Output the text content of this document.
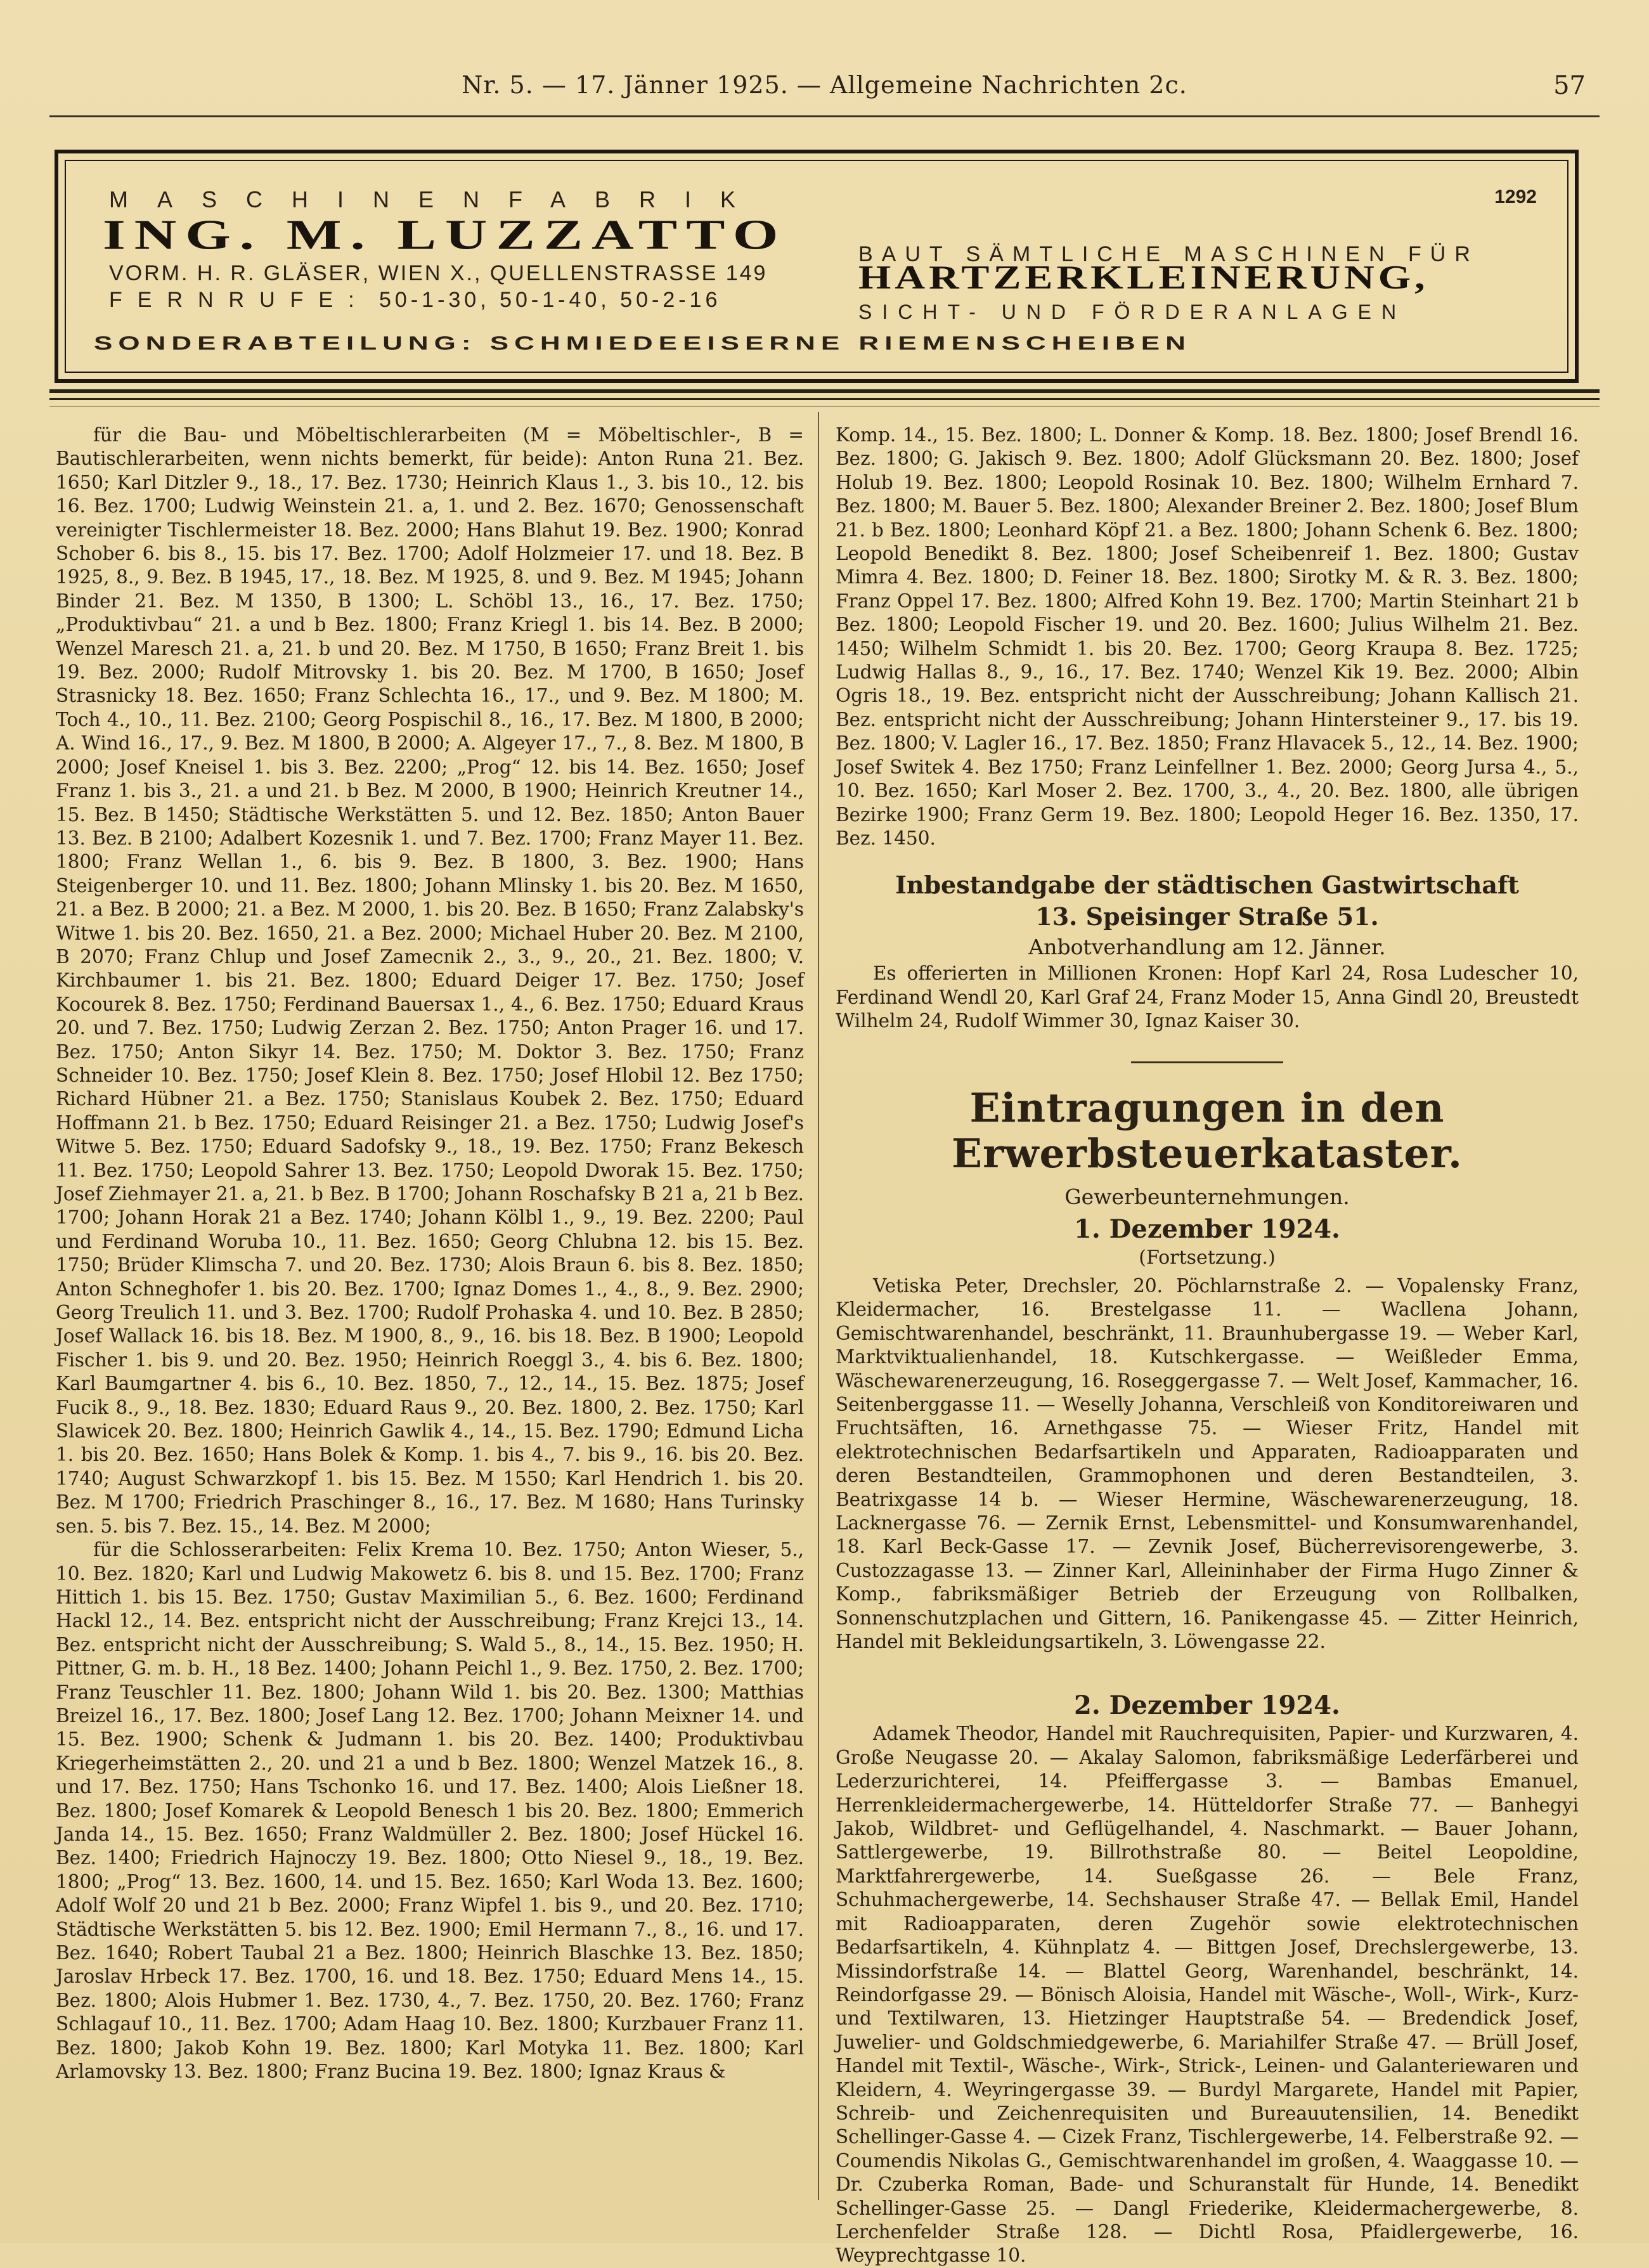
Nr. 5. — 17. Jänner 1925. — Allgemeine Nachrichten 2c.	57
MASCHINENFABRIK	1292
ING. M. LUZZATTO
VORM. H. R. GLÄSER, WIEN X., QUELLENSTRASSE 149
FERNRUFE: 50-1-30, 50-1-40, 50-2-16
BAUT SÄMTLICHE MASCHINEN FÜR
HARTZERKLEINERUNG,
SICHT- UND FÖRDERANLAGEN
SONDERABTEILUNG: SCHMIEDEEISERNE RIEMENSCHEIBEN

für die Bau- und Möbeltischlerarbeiten (M = Möbeltischler-, B = Bautischlerarbeiten, wenn nichts bemerkt, für beide): Anton Runa 21. Bez. 1650; Karl Ditzler 9., 18., 17. Bez. 1730; Heinrich Klaus 1., 3. bis 10., 12. bis 16. Bez. 1700; Ludwig Weinstein 21. a, 1. und 2. Bez. 1670; Genossenschaft vereinigter Tischlermeister 18. Bez. 2000; Hans Blahut 19. Bez. 1900; Konrad Schober 6. bis 8., 15. bis 17. Bez. 1700; Adolf Holzmeier 17. und 18. Bez. B 1925, 8., 9. Bez. B 1945, 17., 18. Bez. M 1925, 8. und 9. Bez. M 1945; Johann Binder 21. Bez. M 1350, B 1300; L. Schöbl 13., 16., 17. Bez. 1750; „Produktivbau“ 21. a und b Bez. 1800; Franz Kriegl 1. bis 14. Bez. B 2000; Wenzel Maresch 21. a, 21. b und 20. Bez. M 1750, B 1650; Franz Breit 1. bis 19. Bez. 2000; Rudolf Mitrovsky 1. bis 20. Bez. M 1700, B 1650; Josef Strasnicky 18. Bez. 1650; Franz Schlechta 16., 17., und 9. Bez. M 1800; M. Toch 4., 10., 11. Bez. 2100; Georg Pospischil 8., 16., 17. Bez. M 1800, B 2000; A. Wind 16., 17., 9. Bez. M 1800, B 2000; A. Algeyer 17., 7., 8. Bez. M 1800, B 2000; Josef Kneisel 1. bis 3. Bez. 2200; „Prog“ 12. bis 14. Bez. 1650; Josef Franz 1. bis 3., 21. a und 21. b Bez. M 2000, B 1900; Heinrich Kreutner 14., 15. Bez. B 1450; Städtische Werkstätten 5. und 12. Bez. 1850; Anton Bauer 13. Bez. B 2100; Adalbert Kozesnik 1. und 7. Bez. 1700; Franz Mayer 11. Bez. 1800; Franz Wellan 1., 6. bis 9. Bez. B 1800, 3. Bez. 1900; Hans Steigenberger 10. und 11. Bez. 1800; Johann Mlinsky 1. bis 20. Bez. M 1650, 21. a Bez. B 2000; 21. a Bez. M 2000, 1. bis 20. Bez. B 1650; Franz Zalabsky's Witwe 1. bis 20. Bez. 1650, 21. a Bez. 2000; Michael Huber 20. Bez. M 2100, B 2070; Franz Chlup und Josef Zamecnik 2., 3., 9., 20., 21. Bez. 1800; V. Kirchbaumer 1. bis 21. Bez. 1800; Eduard Deiger 17. Bez. 1750; Josef Kocourek 8. Bez. 1750; Ferdinand Bauersax 1., 4., 6. Bez. 1750; Eduard Kraus 20. und 7. Bez. 1750; Ludwig Zerzan 2. Bez. 1750; Anton Prager 16. und 17. Bez. 1750; Anton Sikyr 14. Bez. 1750; M. Doktor 3. Bez. 1750; Franz Schneider 10. Bez. 1750; Josef Klein 8. Bez. 1750; Josef Hlobil 12. Bez 1750; Richard Hübner 21. a Bez. 1750; Stanislaus Koubek 2. Bez. 1750; Eduard Hoffmann 21. b Bez. 1750; Eduard Reisinger 21. a Bez. 1750; Ludwig Josef's Witwe 5. Bez. 1750; Eduard Sadofsky 9., 18., 19. Bez. 1750; Franz Bekesch 11. Bez. 1750; Leopold Sahrer 13. Bez. 1750; Leopold Dworak 15. Bez. 1750; Josef Ziehmayer 21. a, 21. b Bez. B 1700; Johann Roschafsky B 21 a, 21 b Bez. 1700; Johann Horak 21 a Bez. 1740; Johann Kölbl 1., 9., 19. Bez. 2200; Paul und Ferdinand Woruba 10., 11. Bez. 1650; Georg Chlubna 12. bis 15. Bez. 1750; Brüder Klimscha 7. und 20. Bez. 1730; Alois Braun 6. bis 8. Bez. 1850; Anton Schneghofer 1. bis 20. Bez. 1700; Ignaz Domes 1., 4., 8., 9. Bez. 2900; Georg Treulich 11. und 3. Bez. 1700; Rudolf Prohaska 4. und 10. Bez. B 2850; Josef Wallack 16. bis 18. Bez. M 1900, 8., 9., 16. bis 18. Bez. B 1900; Leopold Fischer 1. bis 9. und 20. Bez. 1950; Heinrich Roeggl 3., 4. bis 6. Bez. 1800; Karl Baumgartner 4. bis 6., 10. Bez. 1850, 7., 12., 14., 15. Bez. 1875; Josef Fucik 8., 9., 18. Bez. 1830; Eduard Raus 9., 20. Bez. 1800, 2. Bez. 1750; Karl Slawicek 20. Bez. 1800; Heinrich Gawlik 4., 14., 15. Bez. 1790; Edmund Licha 1. bis 20. Bez. 1650; Hans Bolek & Komp. 1. bis 4., 7. bis 9., 16. bis 20. Bez. 1740; August Schwarzkopf 1. bis 15. Bez. M 1550; Karl Hendrich 1. bis 20. Bez. M 1700; Friedrich Praschinger 8., 16., 17. Bez. M 1680; Hans Turinsky sen. 5. bis 7. Bez. 15., 14. Bez. M 2000;

für die Schlosserarbeiten: Felix Krema 10. Bez. 1750; Anton Wieser, 5., 10. Bez. 1820; Karl und Ludwig Makowetz 6. bis 8. und 15. Bez. 1700; Franz Hittich 1. bis 15. Bez. 1750; Gustav Maximilian 5., 6. Bez. 1600; Ferdinand Hackl 12., 14. Bez. entspricht nicht der Ausschreibung; Franz Krejci 13., 14. Bez. entspricht nicht der Ausschreibung; S. Wald 5., 8., 14., 15. Bez. 1950; H. Pittner, G. m. b. H., 18 Bez. 1400; Johann Peichl 1., 9. Bez. 1750, 2. Bez. 1700; Franz Teuschler 11. Bez. 1800; Johann Wild 1. bis 20. Bez. 1300; Matthias Breizel 16., 17. Bez. 1800; Josef Lang 12. Bez. 1700; Johann Meixner 14. und 15. Bez. 1900; Schenk & Judmann 1. bis 20. Bez. 1400; Produktivbau Kriegerheimstätten 2., 20. und 21 a und b Bez. 1800; Wenzel Matzek 16., 8. und 17. Bez. 1750; Hans Tschonko 16. und 17. Bez. 1400; Alois Ließner 18. Bez. 1800; Josef Komarek & Leopold Benesch 1 bis 20. Bez. 1800; Emmerich Janda 14., 15. Bez. 1650; Franz Waldmüller 2. Bez. 1800; Josef Hückel 16. Bez. 1400; Friedrich Hajnoczy 19. Bez. 1800; Otto Niesel 9., 18., 19. Bez. 1800; „Prog“ 13. Bez. 1600, 14. und 15. Bez. 1650; Karl Woda 13. Bez. 1600; Adolf Wolf 20 und 21 b Bez. 2000; Franz Wipfel 1. bis 9., und 20. Bez. 1710; Städtische Werkstätten 5. bis 12. Bez. 1900; Emil Hermann 7., 8., 16. und 17. Bez. 1640; Robert Taubal 21 a Bez. 1800; Heinrich Blaschke 13. Bez. 1850; Jaroslav Hrbeck 17. Bez. 1700, 16. und 18. Bez. 1750; Eduard Mens 14., 15. Bez. 1800; Alois Hubmer 1. Bez. 1730, 4., 7. Bez. 1750, 20. Bez. 1760; Franz Schlagauf 10., 11. Bez. 1700; Adam Haag 10. Bez. 1800; Kurzbauer Franz 11. Bez. 1800; Jakob Kohn 19. Bez. 1800; Karl Motyka 11. Bez. 1800; Karl Arlamovsky 13. Bez. 1800; Franz Bucina 19. Bez. 1800; Ignaz Kraus &

Komp. 14., 15. Bez. 1800; L. Donner & Komp. 18. Bez. 1800; Josef Brendl 16. Bez. 1800; G. Jakisch 9. Bez. 1800; Adolf Glücksmann 20. Bez. 1800; Josef Holub 19. Bez. 1800; Leopold Rosinak 10. Bez. 1800; Wilhelm Ernhard 7. Bez. 1800; M. Bauer 5. Bez. 1800; Alexander Breiner 2. Bez. 1800; Josef Blum 21. b Bez. 1800; Leonhard Köpf 21. a Bez. 1800; Johann Schenk 6. Bez. 1800; Leopold Benedikt 8. Bez. 1800; Josef Scheibenreif 1. Bez. 1800; Gustav Mimra 4. Bez. 1800; D. Feiner 18. Bez. 1800; Sirotky M. & R. 3. Bez. 1800; Franz Oppel 17. Bez. 1800; Alfred Kohn 19. Bez. 1700; Martin Steinhart 21 b Bez. 1800; Leopold Fischer 19. und 20. Bez. 1600; Julius Wilhelm 21. Bez. 1450; Wilhelm Schmidt 1. bis 20. Bez. 1700; Georg Kraupa 8. Bez. 1725; Ludwig Hallas 8., 9., 16., 17. Bez. 1740; Wenzel Kik 19. Bez. 2000; Albin Ogris 18., 19. Bez. entspricht nicht der Ausschreibung; Johann Kallisch 21. Bez. entspricht nicht der Ausschreibung; Johann Hintersteiner 9., 17. bis 19. Bez. 1800; V. Lagler 16., 17. Bez. 1850; Franz Hlavacek 5., 12., 14. Bez. 1900; Josef Switek 4. Bez 1750; Franz Leinfellner 1. Bez. 2000; Georg Jursa 4., 5., 10. Bez. 1650; Karl Moser 2. Bez. 1700, 3., 4., 20. Bez. 1800, alle übrigen Bezirke 1900; Franz Germ 19. Bez. 1800; Leopold Heger 16. Bez. 1350, 17. Bez. 1450.

Inbestandgabe der städtischen Gastwirtschaft
13. Speisinger Straße 51.
Anbotverhandlung am 12. Jänner.

Es offerierten in Millionen Kronen: Hopf Karl 24, Rosa Ludescher 10, Ferdinand Wendl 20, Karl Graf 24, Franz Moder 15, Anna Gindl 20, Breustedt Wilhelm 24, Rudolf Wimmer 30, Ignaz Kaiser 30.

Eintragungen in den Erwerbsteuerkataster.
Gewerbeunternehmungen.
1. Dezember 1924.
(Fortsetzung.)

Vetiska Peter, Drechsler, 20. Pöchlarnstraße 2. — Vopalensky Franz, Kleidermacher, 16. Brestelgasse 11. — Wacllena Johann, Gemischtwarenhandel, beschränkt, 11. Braunhubergasse 19. — Weber Karl, Marktviktualienhandel, 18. Kutschkergasse. — Weißleder Emma, Wäschewarenerzeugung, 16. Roseggergasse 7. — Welt Josef, Kammacher, 16. Seitenberggasse 11. — Weselly Johanna, Verschleiß von Konditoreiwaren und Fruchtsäften, 16. Arnethgasse 75. — Wieser Fritz, Handel mit elektrotechnischen Bedarfsartikeln und Apparaten, Radioapparaten und deren Bestandteilen, Grammophonen und deren Bestandteilen, 3. Beatrixgasse 14 b. — Wieser Hermine, Wäschewarenerzeugung, 18. Lacknergasse 76. — Zernik Ernst, Lebensmittel- und Konsumwarenhandel, 18. Karl Beck-Gasse 17. — Zevnik Josef, Bücherrevisorengewerbe, 3. Custozzagasse 13. — Zinner Karl, Alleininhaber der Firma Hugo Zinner & Komp., fabriksmäßiger Betrieb der Erzeugung von Rollbalken, Sonnenschutzplachen und Gittern, 16. Panikengasse 45. — Zitter Heinrich, Handel mit Bekleidungsartikeln, 3. Löwengasse 22.

2. Dezember 1924.

Adamek Theodor, Handel mit Rauchrequisiten, Papier- und Kurzwaren, 4. Große Neugasse 20. — Akalay Salomon, fabriksmäßige Lederfärberei und Lederzurichterei, 14. Pfeiffergasse 3. — Bambas Emanuel, Herrenkleidermachergewerbe, 14. Hütteldorfer Straße 77. — Banhegyi Jakob, Wildbret- und Geflügelhandel, 4. Naschmarkt. — Bauer Johann, Sattlergewerbe, 19. Billrothstraße 80. — Beitel Leopoldine, Marktfahrergewerbe, 14. Sueßgasse 26. — Bele Franz, Schuhmachergewerbe, 14. Sechshauser Straße 47. — Bellak Emil, Handel mit Radioapparaten, deren Zugehör sowie elektrotechnischen Bedarfsartikeln, 4. Kühnplatz 4. — Bittgen Josef, Drechslergewerbe, 13. Missindorfstraße 14. — Blattel Georg, Warenhandel, beschränkt, 14. Reindorfgasse 29. — Bönisch Aloisia, Handel mit Wäsche-, Woll-, Wirk-, Kurz- und Textilwaren, 13. Hietzinger Hauptstraße 54. — Bredendick Josef, Juwelier- und Goldschmiedgewerbe, 6. Mariahilfer Straße 47. — Brüll Josef, Handel mit Textil-, Wäsche-, Wirk-, Strick-, Leinen- und Galanteriewaren und Kleidern, 4. Weyringergasse 39. — Burdyl Margarete, Handel mit Papier, Schreib- und Zeichenrequisiten und Bureauutensilien, 14. Benedikt Schellinger-Gasse 4. — Cizek Franz, Tischlergewerbe, 14. Felberstraße 92. — Coumendis Nikolas G., Gemischtwarenhandel im großen, 4. Waaggasse 10. — Dr. Czuberka Roman, Bade- und Schuranstalt für Hunde, 14. Benedikt Schellinger-Gasse 25. — Dangl Friederike, Kleidermachergewerbe, 8. Lerchenfelder Straße 128. — Dichtl Rosa, Pfaidlergewerbe, 16. Weyprechtgasse 10.
